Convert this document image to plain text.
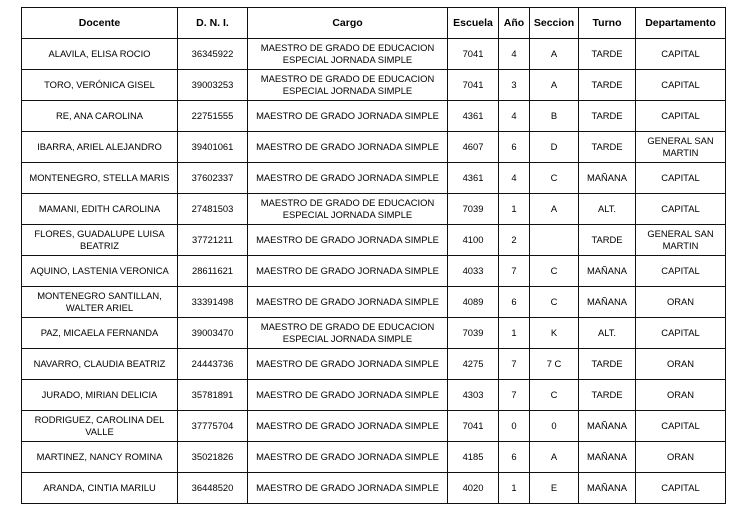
Docente	D. N. I.	Cargo	Escuela	Año	Seccion	Turno	Departamento
ALAVILA, ELISA ROCIO	36345922	MAESTRO DE GRADO DE EDUCACION ESPECIAL JORNADA SIMPLE	7041	4	A	TARDE	CAPITAL
TORO, VERÓNICA GISEL	39003253	MAESTRO DE GRADO DE EDUCACION ESPECIAL JORNADA SIMPLE	7041	3	A	TARDE	CAPITAL
RE, ANA CAROLINA	22751555	MAESTRO DE GRADO JORNADA SIMPLE	4361	4	B	TARDE	CAPITAL
IBARRA, ARIEL ALEJANDRO	39401061	MAESTRO DE GRADO JORNADA SIMPLE	4607	6	D	TARDE	GENERAL SAN MARTIN
MONTENEGRO, STELLA MARIS	37602337	MAESTRO DE GRADO JORNADA SIMPLE	4361	4	C	MAÑANA	CAPITAL
MAMANI, EDITH CAROLINA	27481503	MAESTRO DE GRADO DE EDUCACION ESPECIAL JORNADA SIMPLE	7039	1	A	ALT.	CAPITAL
FLORES, GUADALUPE LUISA BEATRIZ	37721211	MAESTRO DE GRADO JORNADA SIMPLE	4100	2		TARDE	GENERAL SAN MARTIN
AQUINO, LASTENIA VERONICA	28611621	MAESTRO DE GRADO JORNADA SIMPLE	4033	7	C	MAÑANA	CAPITAL
MONTENEGRO SANTILLAN, WALTER ARIEL	33391498	MAESTRO DE GRADO JORNADA SIMPLE	4089	6	C	MAÑANA	ORAN
PAZ, MICAELA FERNANDA	39003470	MAESTRO DE GRADO DE EDUCACION ESPECIAL JORNADA SIMPLE	7039	1	K	ALT.	CAPITAL
NAVARRO, CLAUDIA BEATRIZ	24443736	MAESTRO DE GRADO JORNADA SIMPLE	4275	7	7 C	TARDE	ORAN
JURADO, MIRIAN DELICIA	35781891	MAESTRO DE GRADO JORNADA SIMPLE	4303	7	C	TARDE	ORAN
RODRIGUEZ, CAROLINA DEL VALLE	37775704	MAESTRO DE GRADO JORNADA SIMPLE	7041	0	0	MAÑANA	CAPITAL
MARTINEZ, NANCY ROMINA	35021826	MAESTRO DE GRADO JORNADA SIMPLE	4185	6	A	MAÑANA	ORAN
ARANDA, CINTIA MARILU	36448520	MAESTRO DE GRADO JORNADA SIMPLE	4020	1	E	MAÑANA	CAPITAL
